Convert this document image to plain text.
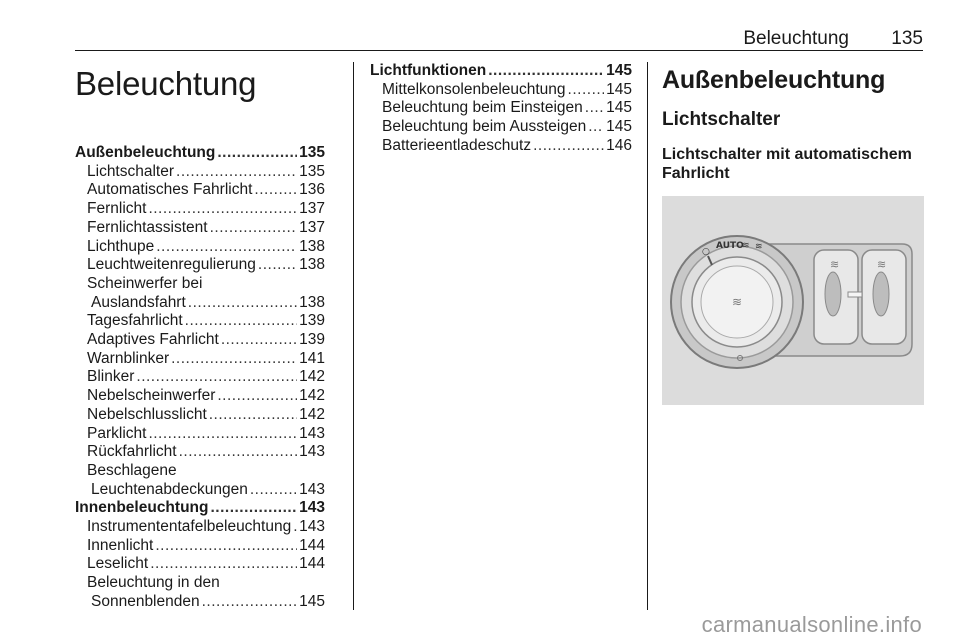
Beleuchtung 135
Beleuchtung
Außenbeleuchtung .....	135
Lichtschalter .....	135
Automatisches Fahrlicht .....	136
Fernlicht .....	137
Fernlichtassistent .....	137
Lichthupe .....	138
Leuchtweitenregulierung .....	138
Scheinwerfer bei
Auslandsfahrt .....	138
Tagesfahrlicht .....	139
Adaptives Fahrlicht .....	139
Warnblinker .....	141
Blinker .....	142
Nebelscheinwerfer .....	142
Nebelschlusslicht .....	142
Parklicht .....	143
Rückfahrlicht .....	143
Beschlagene
Leuchtenabdeckungen .....	143
Innenbeleuchtung .....	143
Instrumententafelbeleuchtung ..... 143
Innenlicht .....	144
Leselicht .....	144
Beleuchtung in den
Sonnenblenden .....	145
Lichtfunktionen .....	145
Mittelkonsolenbeleuchtung .....	145
Beleuchtung beim Einsteigen ..... 145
Beleuchtung beim Aussteigen ..... 145
Batterieentladeschutz .....	146
Außenbeleuchtung
Lichtschalter
Lichtschalter mit automatischem
Fahrlicht
≋	≋
≋
AUTO
○
≋ ≋
carmanualsonline.info
